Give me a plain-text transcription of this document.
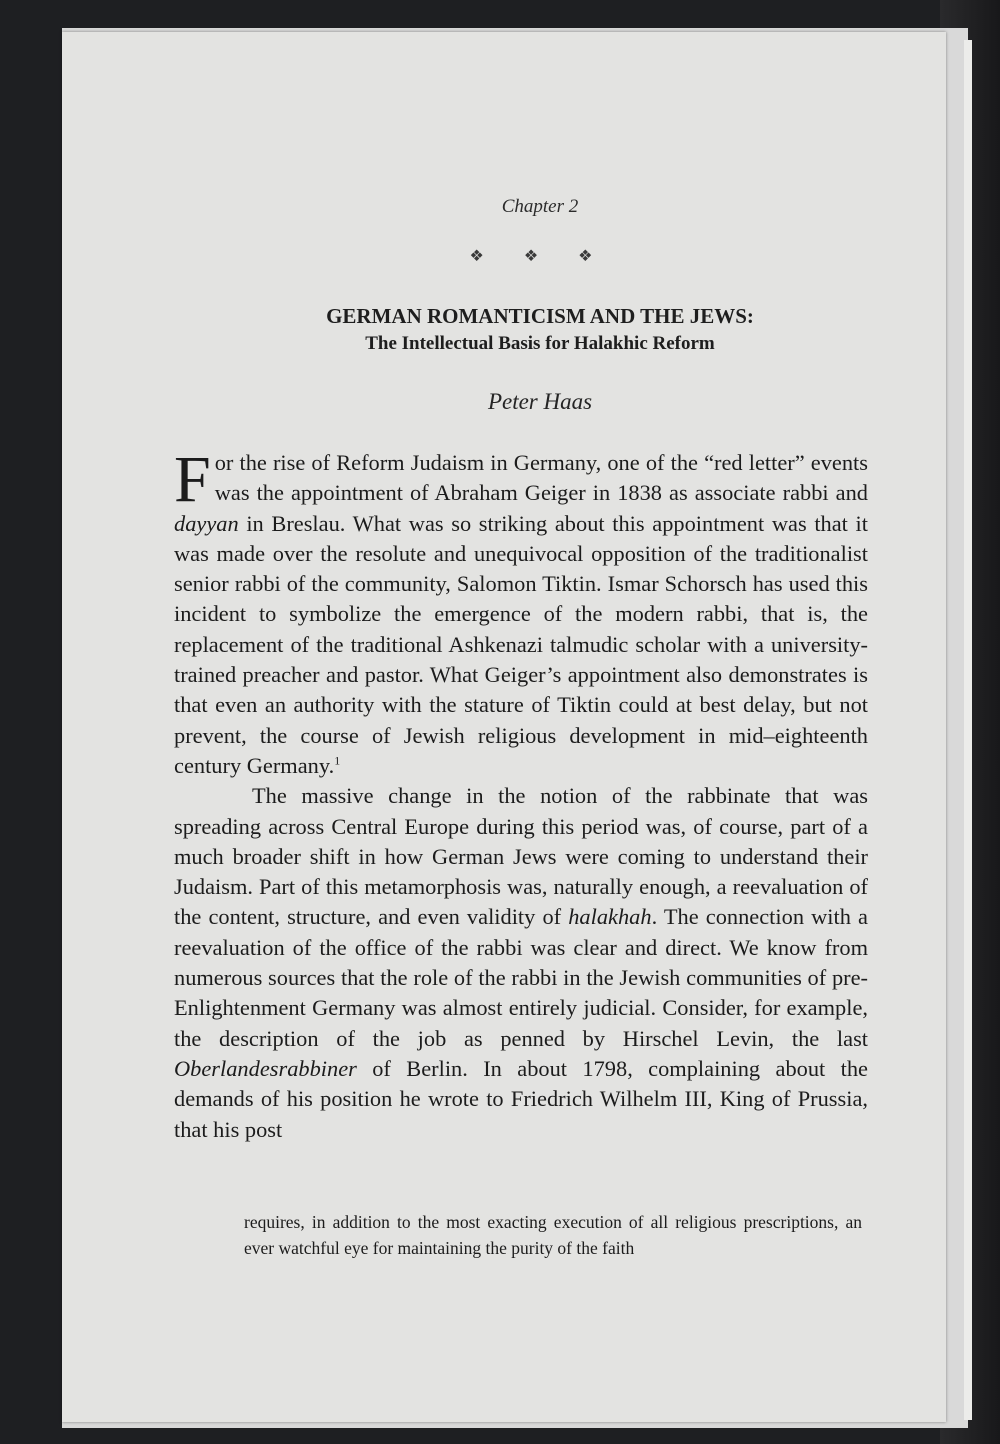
Chapter 2
❖ ❖ ❖
GERMAN ROMANTICISM AND THE JEWS:
The Intellectual Basis for Halakhic Reform
Peter Haas

For the rise of Reform Judaism in Germany, one of the “red letter” events was the appointment of Abraham Geiger in 1838 as associate rabbi and dayyan in Breslau. What was so striking about this appointment was that it was made over the resolute and unequivocal opposition of the traditionalist senior rabbi of the community, Salomon Tiktin. Ismar Schorsch has used this incident to symbolize the emergence of the modern rabbi, that is, the replacement of the traditional Ashkenazi talmudic scholar with a university-trained preacher and pastor. What Geiger’s appointment also demonstrates is that even an authority with the stature of Tiktin could at best delay, but not prevent, the course of Jewish religious development in mid–eighteenth century Germany.$^1$

The massive change in the notion of the rabbinate that was spreading across Central Europe during this period was, of course, part of a much broader shift in how German Jews were coming to understand their Judaism. Part of this metamorphosis was, naturally enough, a reevaluation of the content, structure, and even validity of halakhah. The connection with a reevaluation of the office of the rabbi was clear and direct. We know from numerous sources that the role of the rabbi in the Jewish communities of pre-Enlightenment Germany was almost entirely judicial. Consider, for example, the description of the job as penned by Hirschel Levin, the last Oberlandesrabbiner of Berlin. In about 1798, complaining about the demands of his position he wrote to Friedrich Wilhelm III, King of Prussia, that his post

requires, in addition to the most exacting execution of all religious prescriptions, an ever watchful eye for maintaining the purity of the faith
